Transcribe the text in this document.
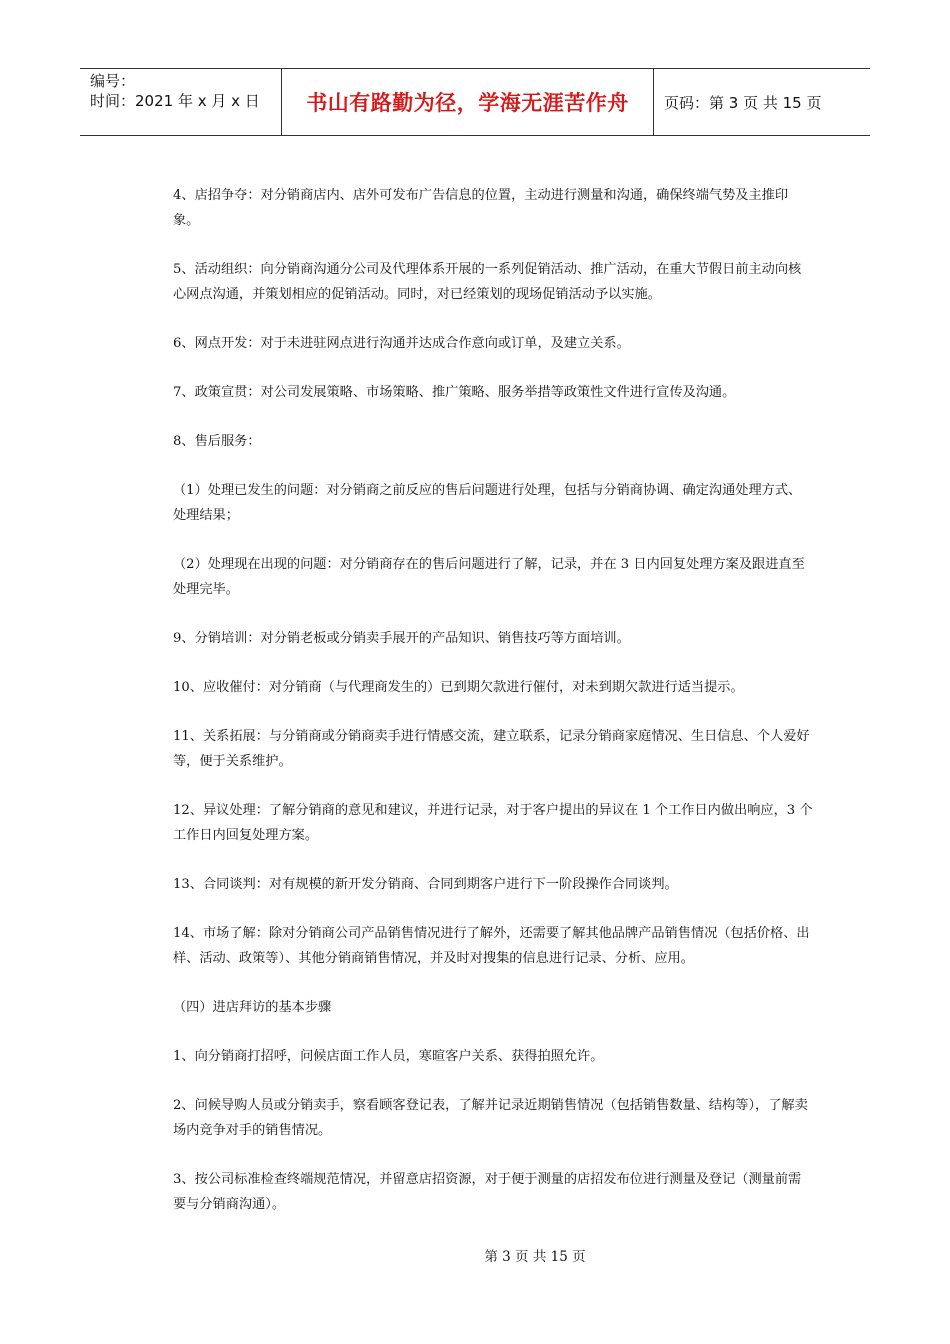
编号：
时间：2021 年 x 月 x 日	书山有路勤为径，学海无涯苦作舟 页码：第 3 页 共 15 页

4、店招争夺：对分销商店内、店外可发布广告信息的位置，主动进行测量和沟通，确保终端气势及主推印象。

5、活动组织：向分销商沟通分公司及代理体系开展的一系列促销活动、推广活动，在重大节假日前主动向核心网点沟通，并策划相应的促销活动。同时，对已经策划的现场促销活动予以实施。

6、网点开发：对于未进驻网点进行沟通并达成合作意向或订单，及建立关系。

7、政策宣贯：对公司发展策略、市场策略、推广策略、服务举措等政策性文件进行宣传及沟通。

8、售后服务：

（1）处理已发生的问题：对分销商之前反应的售后问题进行处理，包括与分销商协调、确定沟通处理方式、处理结果；

（2）处理现在出现的问题：对分销商存在的售后问题进行了解，记录，并在 3 日内回复处理方案及跟进直至处理完毕。

9、分销培训：对分销老板或分销卖手展开的产品知识、销售技巧等方面培训。

10、应收催付：对分销商（与代理商发生的）已到期欠款进行催付，对未到期欠款进行适当提示。

11、关系拓展：与分销商或分销商卖手进行情感交流，建立联系，记录分销商家庭情况、生日信息、个人爱好等，便于关系维护。

12、异议处理：了解分销商的意见和建议，并进行记录，对于客户提出的异议在 1 个工作日内做出响应，3 个工作日内回复处理方案。

13、合同谈判：对有规模的新开发分销商、合同到期客户进行下一阶段操作合同谈判。

14、市场了解：除对分销商公司产品销售情况进行了解外，还需要了解其他品牌产品销售情况（包括价格、出样、活动、政策等）、其他分销商销售情况，并及时对搜集的信息进行记录、分析、应用。

（四）进店拜访的基本步骤

1、向分销商打招呼，问候店面工作人员，寒暄客户关系、获得拍照允许。

2、问候导购人员或分销卖手，察看顾客登记表，了解并记录近期销售情况（包括销售数量、结构等），了解卖场内竞争对手的销售情况。

3、按公司标准检查终端规范情况，并留意店招资源，对于便于测量的店招发布位进行测量及登记（测量前需要与分销商沟通）。

第 3 页 共 15 页
